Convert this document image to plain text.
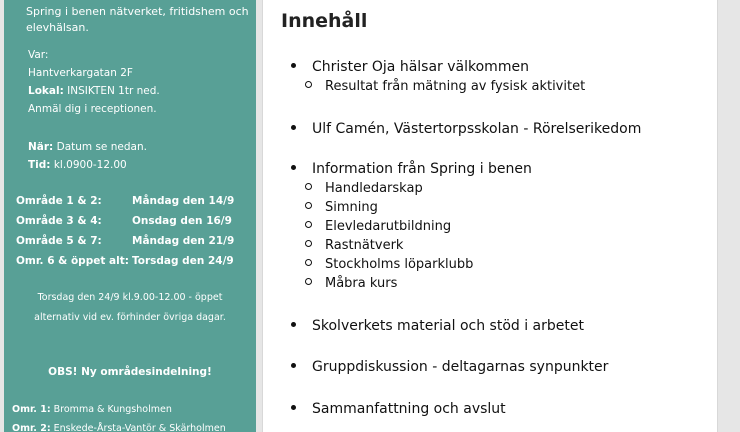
Spring i benen nätverket, fritidshem och elevhälsan.
Var:
Hantverkargatan 2F
Lokal: INSIKTEN 1tr ned.
Anmäl dig i receptionen.
När: Datum se nedan.
Tid: kl.0900-12.00
Område 1 & 2:	Måndag den 14/9
Område 3 & 4:	Onsdag den 16/9
Område 5 & 7:	Måndag den 21/9
Omr. 6 & öppet alt: Torsdag den 24/9
Torsdag den 24/9 kl.9.00-12.00 - öppet
alternativ vid ev. förhinder övriga dagar.
OBS! Ny områdesindelning!
Omr. 1: Bromma & Kungsholmen
Omr. 2: Enskede-Årsta-Vantör & Skärholmen
Innehåll
Christer Oja hälsar välkommen
Resultat från mätning av fysisk aktivitet
Ulf Camén, Västertorpsskolan - Rörelserikedom
Information från Spring i benen
Handledarskap
Simning
Elevledarutbildning
Rastnätverk
Stockholms löparklubb
Måbra kurs
Skolverkets material och stöd i arbetet
Gruppdiskussion - deltagarnas synpunkter
Sammanfattning och avslut
